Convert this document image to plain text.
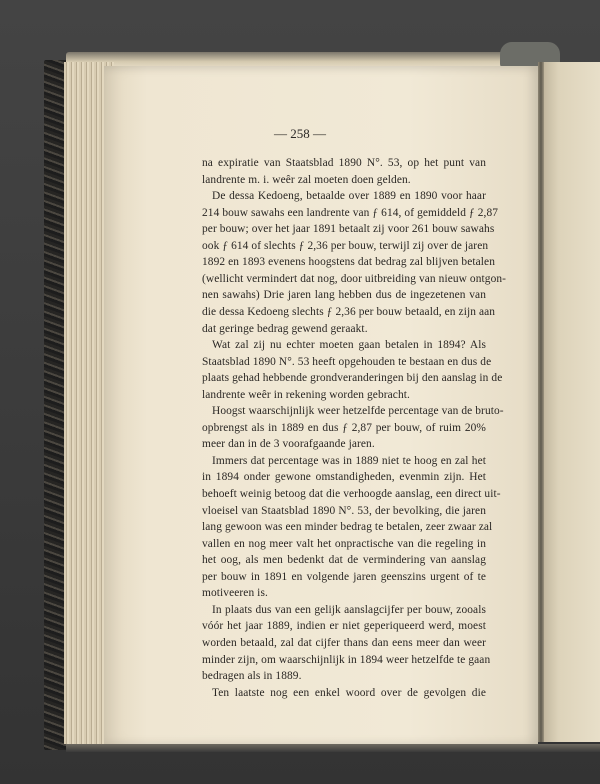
— 258 —
na expiratie van Staatsblad 1890 N°. 53, op het punt van
landrente m. i. weêr zal moeten doen gelden.
De dessa Kedoeng, betaalde over 1889 en 1890 voor haar
214 bouw sawahs een landrente van ƒ 614, of gemiddeld ƒ 2,87
per bouw; over het jaar 1891 betaalt zij voor 261 bouw sawahs
ook ƒ 614 of slechts ƒ 2,36 per bouw, terwijl zij over de jaren
1892 en 1893 evenens hoogstens dat bedrag zal blijven betalen
(wellicht vermindert dat nog, door uitbreiding van nieuw ontgon-
nen sawahs) Drie jaren lang hebben dus de ingezetenen van
die dessa Kedoeng slechts ƒ 2,36 per bouw betaald, en zijn aan
dat geringe bedrag gewend geraakt.
Wat zal zij nu echter moeten gaan betalen in 1894? Als
Staatsblad 1890 N°. 53 heeft opgehouden te bestaan en dus de
plaats gehad hebbende grondveranderingen bij den aanslag in de
landrente weêr in rekening worden gebracht.
Hoogst waarschijnlijk weer hetzelfde percentage van de bruto-
opbrengst als in 1889 en dus ƒ 2,87 per bouw, of ruim 20%
meer dan in de 3 voorafgaande jaren.
Immers dat percentage was in 1889 niet te hoog en zal het
in 1894 onder gewone omstandigheden, evenmin zijn. Het
behoeft weinig betoog dat die verhoogde aanslag, een direct uit-
vloeisel van Staatsblad 1890 N°. 53, der bevolking, die jaren
lang gewoon was een minder bedrag te betalen, zeer zwaar zal
vallen en nog meer valt het onpractische van die regeling in
het oog, als men bedenkt dat de vermindering van aanslag
per bouw in 1891 en volgende jaren geenszins urgent of te
motiveeren is.
In plaats dus van een gelijk aanslagcijfer per bouw, zooals
vóór het jaar 1889, indien er niet geperiqueerd werd, moest
worden betaald, zal dat cijfer thans dan eens meer dan weer
minder zijn, om waarschijnlijk in 1894 weer hetzelfde te gaan
bedragen als in 1889.
Ten laatste nog een enkel woord over de gevolgen die
